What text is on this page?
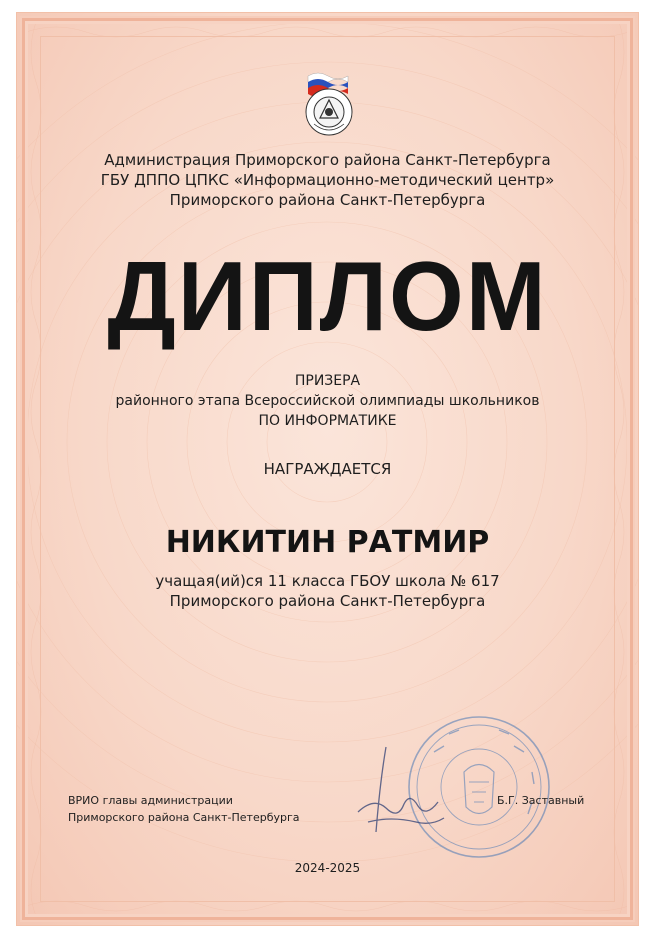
Администрация Приморского района Санкт-Петербурга
ГБУ ДППО ЦПКС «Информационно-методический центр»
Приморского района Санкт-Петербурга
ДИПЛОМ
ПРИЗЕРА
районного этапа Всероссийской олимпиады школьников
ПО ИНФОРМАТИКЕ
НАГРАЖДАЕТСЯ
НИКИТИН РАТМИР
учащая(ий)ся 11 класса ГБОУ школа № 617
Приморского района Санкт-Петербурга
ВРИО главы администрации
Приморского района Санкт-Петербурга
Б.Г. Заставный
2024-2025
